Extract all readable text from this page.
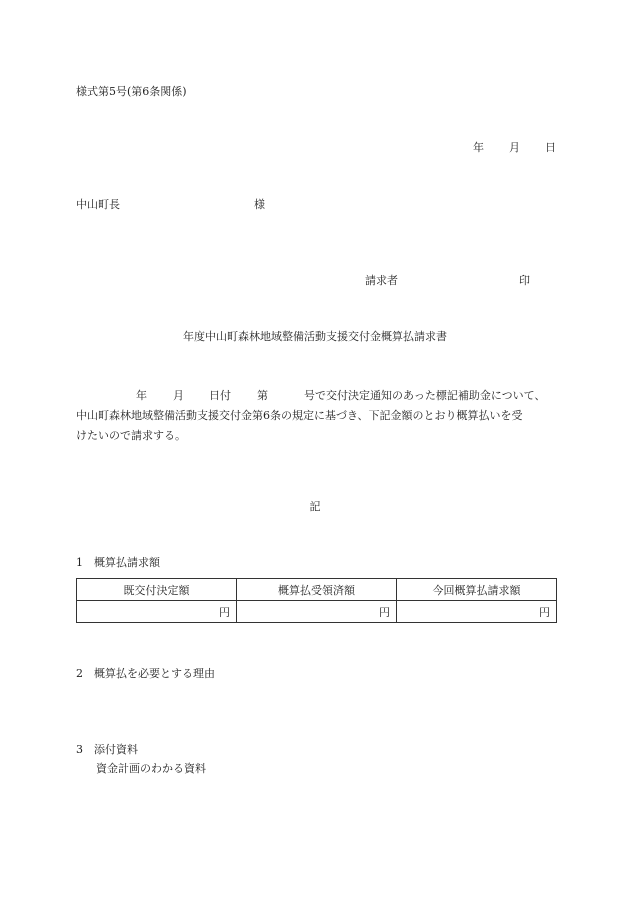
様式第5号(第6条関係)
年 月 日
中山町長	様
請求者	印
年度中山町森林地域整備活動支援交付金概算払請求書
年 月 日付 第	号で交付決定通知のあった標記補助金について、
中山町森林地域整備活動支援交付金第6条の規定に基づき、下記金額のとおり概算払いを受
けたいので請求する。
記
1　概算払請求額
既交付決定額	概算払受領済額	今回概算払請求額
円	円	円
2　概算払を必要とする理由
3　添付資料
資金計画のわかる資料
